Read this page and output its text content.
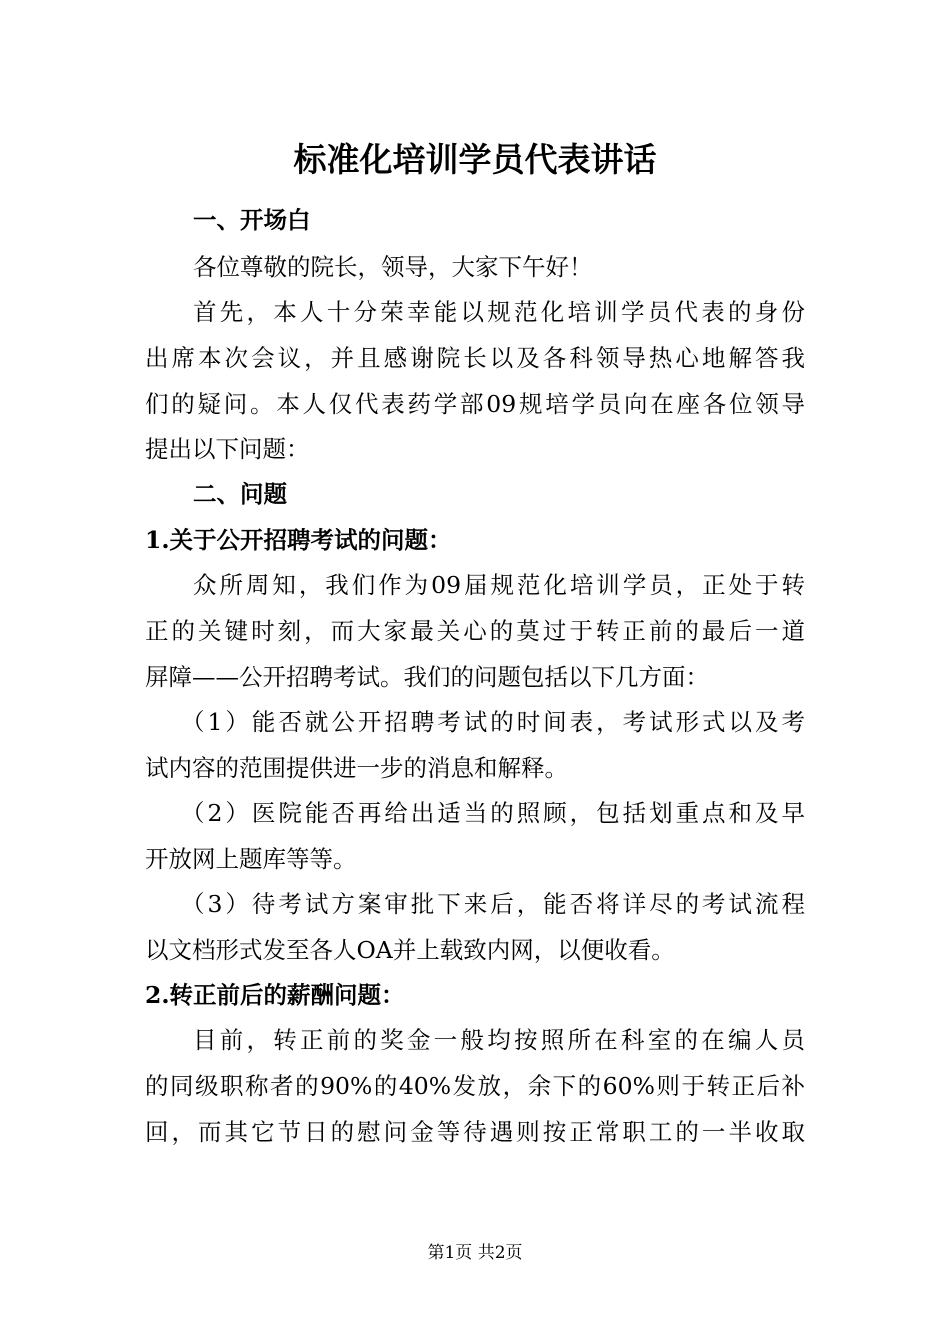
标准化培训学员代表讲话
一、开场白
各位尊敬的院长，领导，大家下午好！
首先，本人十分荣幸能以规范化培训学员代表的身份
出席本次会议，并且感谢院长以及各科领导热心地解答我
们的疑问。本人仅代表药学部09规培学员向在座各位领导
提出以下问题：
二、问题
1.关于公开招聘考试的问题：
众所周知，我们作为09届规范化培训学员，正处于转
正的关键时刻，而大家最关心的莫过于转正前的最后一道
屏障——公开招聘考试。我们的问题包括以下几方面：
（1）能否就公开招聘考试的时间表，考试形式以及考
试内容的范围提供进一步的消息和解释。
（2）医院能否再给出适当的照顾，包括划重点和及早
开放网上题库等等。
（3）待考试方案审批下来后，能否将详尽的考试流程
以文档形式发至各人OA并上载致内网，以便收看。
2.转正前后的薪酬问题：
目前，转正前的奖金一般均按照所在科室的在编人员
的同级职称者的90%的40%发放，余下的60%则于转正后补
回，而其它节日的慰问金等待遇则按正常职工的一半收取
第1页 共2页
